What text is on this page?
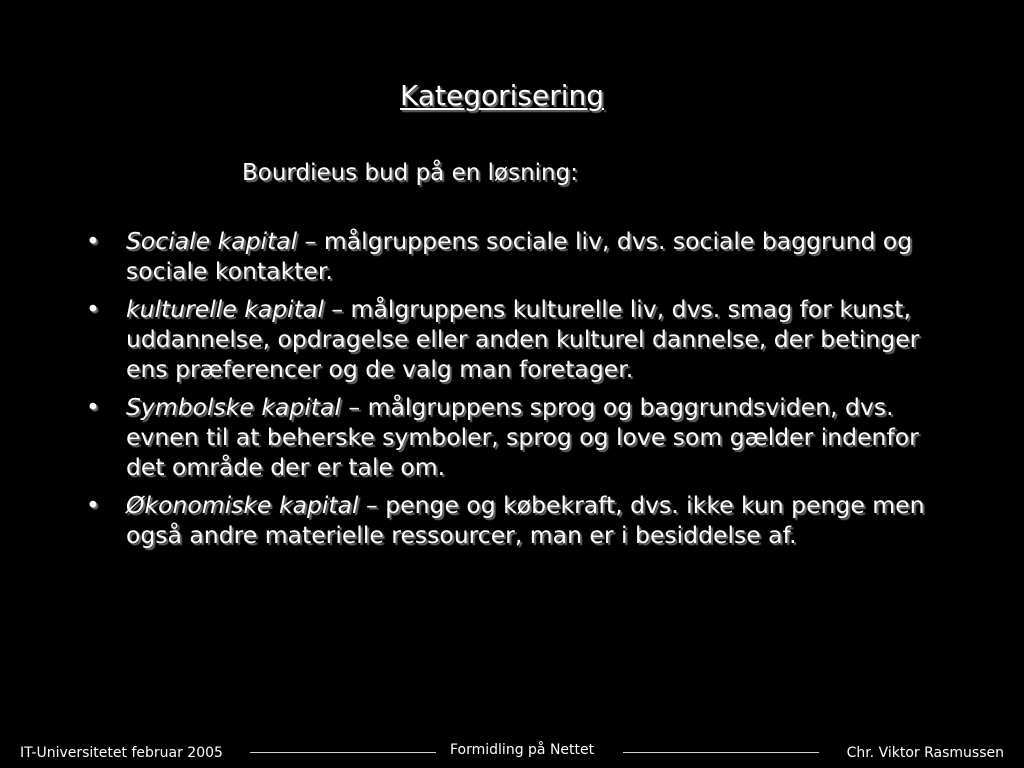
Kategorisering
Bourdieus bud på en løsning:
• Sociale kapital – målgruppens sociale liv, dvs. sociale baggrund og sociale kontakter.
• kulturelle kapital – målgruppens kulturelle liv, dvs. smag for kunst, uddannelse, opdragelse eller anden kulturel dannelse, der betinger ens præferencer og de valg man foretager.
• Symbolske kapital – målgruppens sprog og baggrundsviden, dvs. evnen til at beherske symboler, sprog og love som gælder indenfor det område der er tale om.
• Økonomiske kapital – penge og købekraft, dvs. ikke kun penge men også andre materielle ressourcer, man er i besiddelse af.
IT-Universitetet februar 2005	Formidling på Nettet	Chr. Viktor Rasmussen
